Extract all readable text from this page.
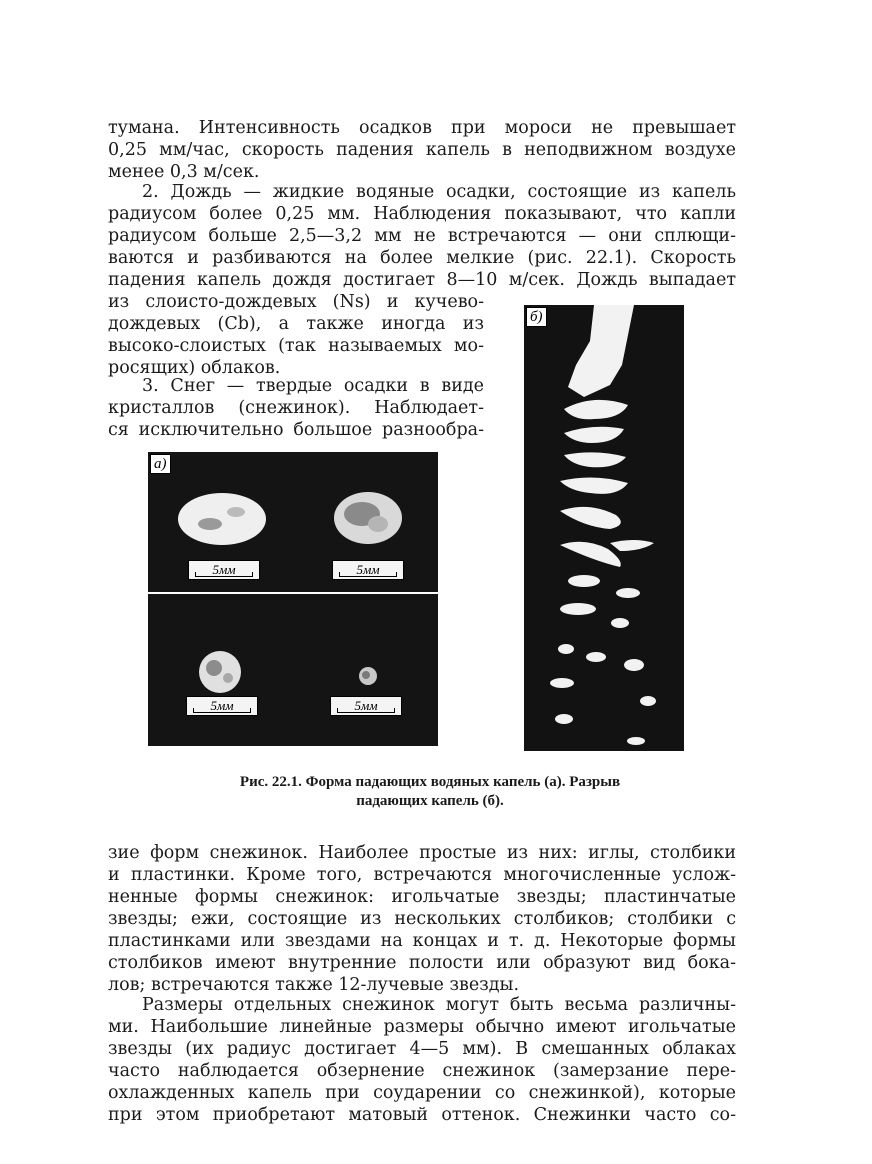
тумана. Интенсивность осадков при мороси не превышает
0,25 мм/час, скорость падения капель в неподвижном воздухе
менее 0,3 м/сек.
2. Дождь — жидкие водяные осадки, состоящие из капель
радиусом более 0,25 мм. Наблюдения показывают, что капли
радиусом больше 2,5—3,2 мм не встречаются — они сплющи-
ваются и разбиваются на более мелкие (рис. 22.1). Скорость
падения капель дождя достигает 8—10 м/сек. Дождь выпадает
из слоисто-дождевых (Ns) и кучево-
дождевых (Cb), а также иногда из
высоко-слоистых (так называемых мо-
росящих) облаков.
3. Снег — твердые осадки в виде
кристаллов (снежинок). Наблюдает-
ся исключительно большое разнообра-
а)
5мм	5мм
5мм	5мм
б)
Рис. 22.1. Форма падающих водяных капель (а). Разрыв
падающих капель (б).
зие форм снежинок. Наиболее простые из них: иглы, столбики
и пластинки. Кроме того, встречаются многочисленные услож-
ненные формы снежинок: игольчатые звезды; пластинчатые
звезды; ежи, состоящие из нескольких столбиков; столбики с
пластинками или звездами на концах и т. д. Некоторые формы
столбиков имеют внутренние полости или образуют вид бока-
лов; встречаются также 12-лучевые звезды.
Размеры отдельных снежинок могут быть весьма различны-
ми. Наибольшие линейные размеры обычно имеют игольчатые
звезды (их радиус достигает 4—5 мм). В смешанных облаках
часто наблюдается обзернение снежинок (замерзание пере-
охлажденных капель при соударении со снежинкой), которые
при этом приобретают матовый оттенок. Снежинки часто со-
